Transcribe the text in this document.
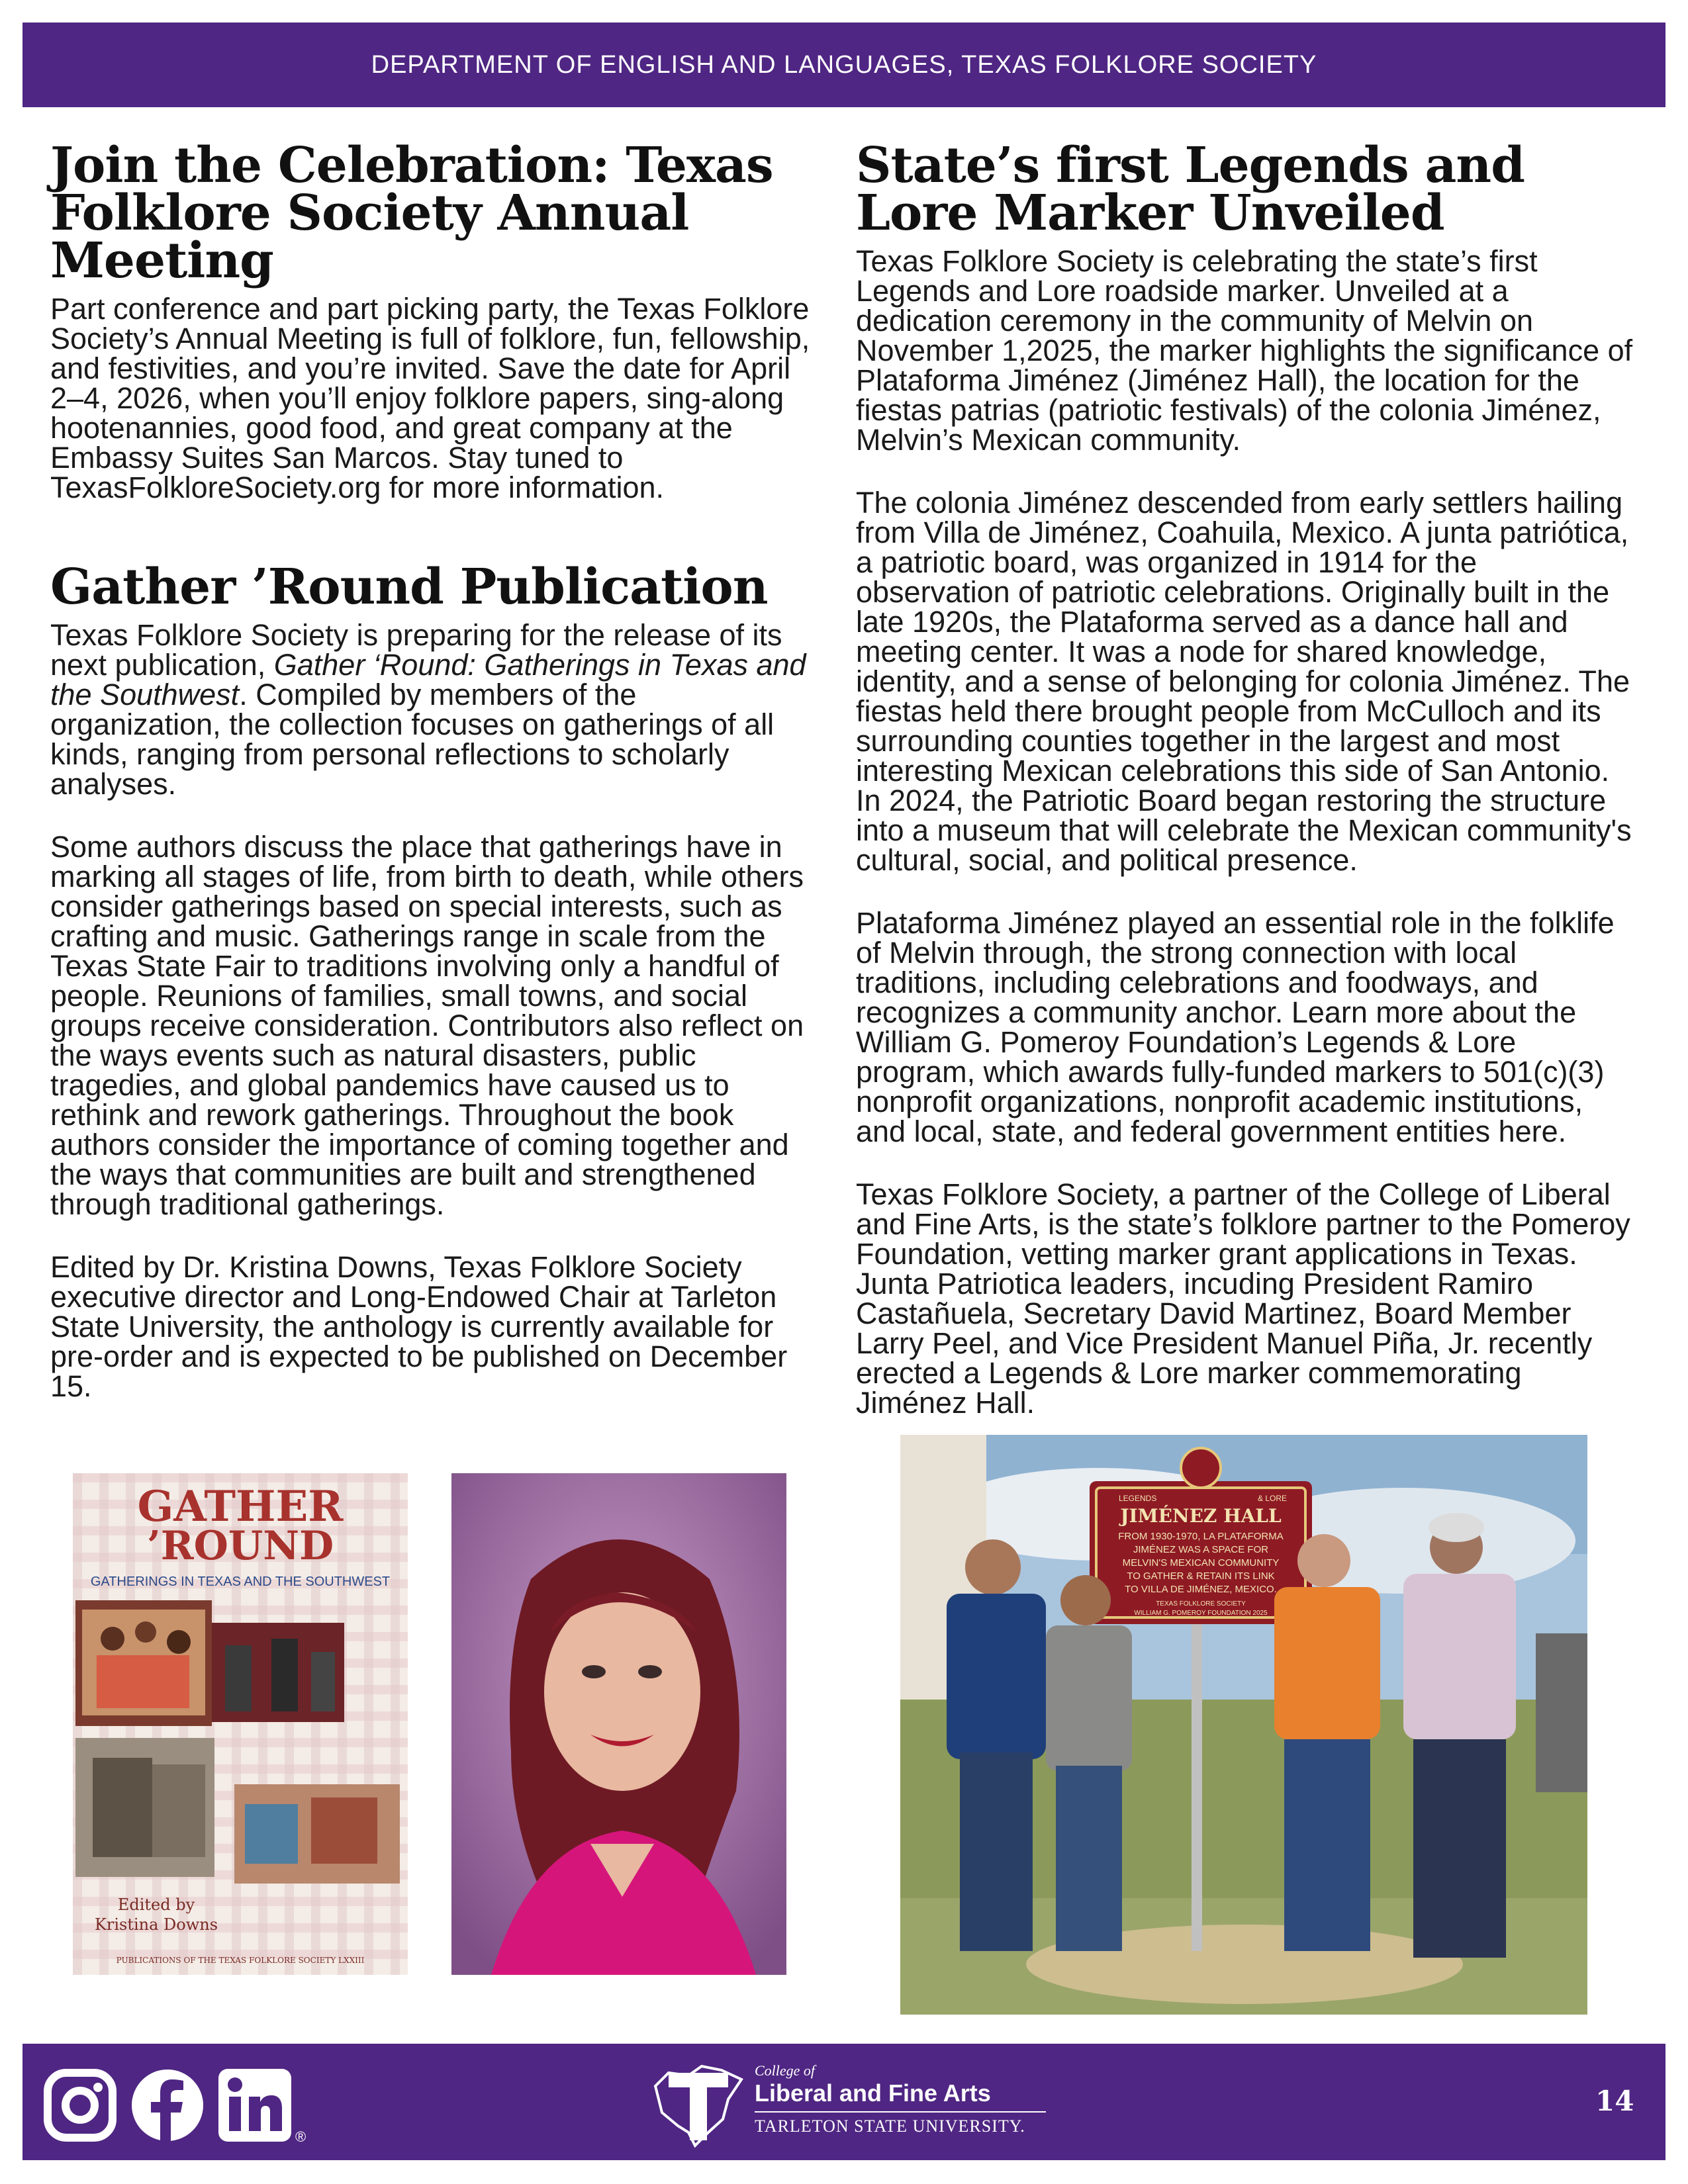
DEPARTMENT OF ENGLISH AND LANGUAGES, TEXAS FOLKLORE SOCIETY
Join the Celebration: Texas Folklore Society Annual Meeting

Part conference and part picking party, the Texas Folklore Society’s Annual Meeting is full of folklore, fun, fellowship, and festivities, and you’re invited. Save the date for April 2–4, 2026, when you’ll enjoy folklore papers, sing-along hootenannies, good food, and great company at the Embassy Suites San Marcos. Stay tuned to TexasFolkloreSociety.org for more information.

Gather ’Round Publication

Texas Folklore Society is preparing for the release of its next publication, Gather ‘Round: Gatherings in Texas and the Southwest. Compiled by members of the organization, the collection focuses on gatherings of all kinds, ranging from personal reflections to scholarly analyses.

Some authors discuss the place that gatherings have in marking all stages of life, from birth to death, while others consider gatherings based on special interests, such as crafting and music. Gatherings range in scale from the Texas State Fair to traditions involving only a handful of people. Reunions of families, small towns, and social groups receive consideration. Contributors also reflect on the ways events such as natural disasters, public tragedies, and global pandemics have caused us to rethink and rework gatherings. Throughout the book authors consider the importance of coming together and the ways that communities are built and strengthened through traditional gatherings.

Edited by Dr. Kristina Downs, Texas Folklore Society executive director and Long-Endowed Chair at Tarleton State University, the anthology is currently available for pre-order and is expected to be published on December 15.

State’s first Legends and Lore Marker Unveiled

Texas Folklore Society is celebrating the state’s first Legends and Lore roadside marker. Unveiled at a dedication ceremony in the community of Melvin on November 1,2025, the marker highlights the significance of Plataforma Jiménez (Jiménez Hall), the location for the fiestas patrias (patriotic festivals) of the colonia Jiménez, Melvin’s Mexican community.

The colonia Jiménez descended from early settlers hailing from Villa de Jiménez, Coahuila, Mexico. A junta patriótica, a patriotic board, was organized in 1914 for the observation of patriotic celebrations. Originally built in the late 1920s, the Plataforma served as a dance hall and meeting center. It was a node for shared knowledge, identity, and a sense of belonging for colonia Jiménez. The fiestas held there brought people from McCulloch and its surrounding counties together in the largest and most interesting Mexican celebrations this side of San Antonio. In 2024, the Patriotic Board began restoring the structure into a museum that will celebrate the Mexican community's cultural, social, and political presence.

Plataforma Jiménez played an essential role in the folklife of Melvin through, the strong connection with local traditions, including celebrations and foodways, and recognizes a community anchor. Learn more about the William G. Pomeroy Foundation’s Legends & Lore program, which awards fully-funded markers to 501(c)(3) nonprofit organizations, nonprofit academic institutions, and local, state, and federal government entities here.

Texas Folklore Society, a partner of the College of Liberal and Fine Arts, is the state’s folklore partner to the Pomeroy Foundation, vetting marker grant applications in Texas. Junta Patriotica leaders, incuding President Ramiro Castañuela, Secretary David Martinez, Board Member Larry Peel, and Vice President Manuel Piña, Jr. recently erected a Legends & Lore marker commemorating Jiménez Hall.

GATHER
’ROUND
GATHERINGS IN TEXAS AND THE SOUTHWEST
Edited by
Kristina Downs
PUBLICATIONS OF THE TEXAS FOLKLORE SOCIETY LXXIII
LEGENDS	& LORE
JIMÉNEZ HALL
FROM 1930-1970, LA PLATAFORMA
JIMÉNEZ WAS A SPACE FOR
MELVIN'S MEXICAN COMMUNITY
TO GATHER & RETAIN ITS LINK
TO VILLA DE JIMÉNEZ, MEXICO.
TEXAS FOLKLORE SOCIETY
WILLIAM G. POMEROY FOUNDATION 2025
®
College of
Liberal and Fine Arts
TARLETON STATE UNIVERSITY.
14
